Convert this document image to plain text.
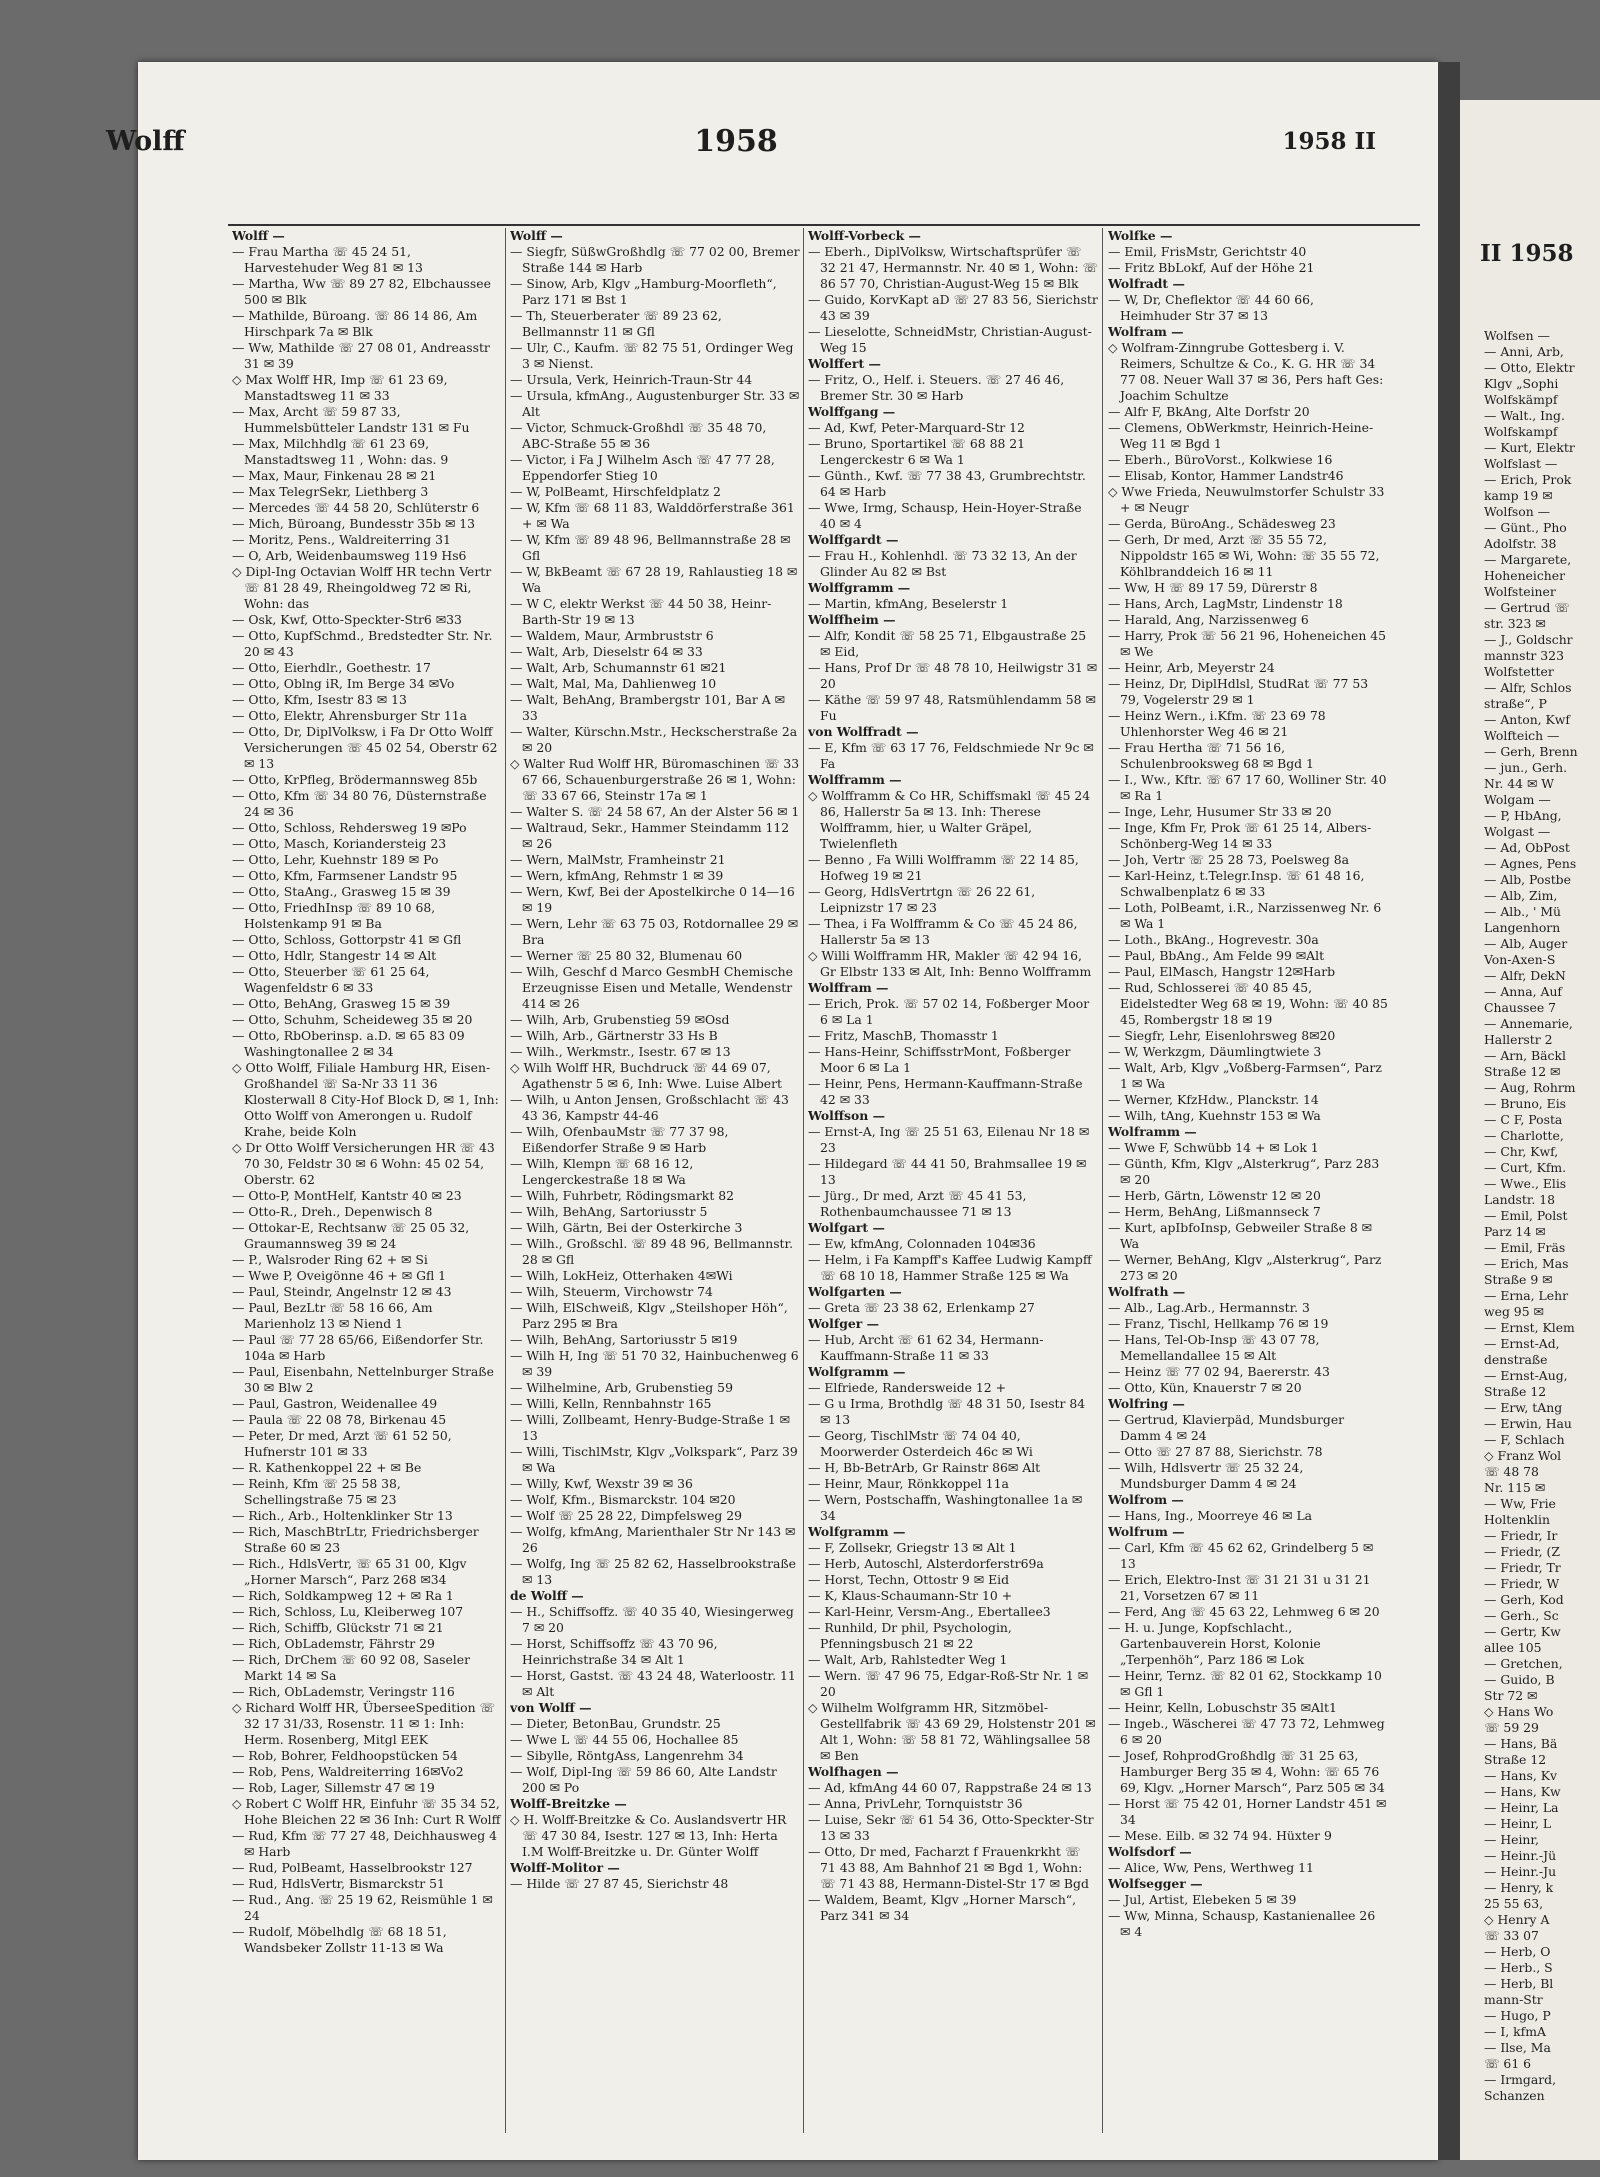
II 1958
Wolfsen —
— Anni, Arb,
— Otto, Elektr
Klgv „Sophi
Wolfskämpf
— Walt., Ing.
Wolfskampf
— Kurt, Elektr
Wolfslast —
— Erich, Prok
kamp 19 ✉
Wolfson —
— Günt., Pho
Adolfstr. 38
— Margarete,
Hoheneicher
Wolfsteiner
— Gertrud ☏
str. 323 ✉
— J., Goldschr
mannstr 323
Wolfstetter
— Alfr, Schlos
straße“, P
— Anton, Kwf
Wolfteich —
— Gerh, Brenn
— jun., Gerh.
Nr. 44 ✉ W
Wolgam —
— P, HbAng,
Wolgast —
— Ad, ObPost
— Agnes, Pens
— Alb, Postbe
— Alb, Zim,
— Alb., ' Mü
Langenhorn
— Alb, Auger
Von-Axen-S
— Alfr, DekN
— Anna, Auf
Chaussee 7
— Annemarie,
Hallerstr 2
— Arn, Bäckl
Straße 12 ✉
— Aug, Rohrm
— Bruno, Eis
— C F, Posta
— Charlotte,
— Chr, Kwf,
— Curt, Kfm.
— Wwe., Elis
Landstr. 18
— Emil, Polst
Parz 14 ✉
— Emil, Fräs
— Erich, Mas
Straße 9 ✉
— Erna, Lehr
weg 95 ✉
— Ernst, Klem
— Ernst-Ad,
denstraße
— Ernst-Aug,
Straße 12
— Erw, tAng
— Erwin, Hau
— F, Schlach
◇ Franz Wol
☏ 48 78
Nr. 115 ✉
— Ww, Frie
Holtenklin
— Friedr, Ir
— Friedr, (Z
— Friedr, Tr
— Friedr, W
— Gerh, Kod
— Gerh., Sc
— Gertr, Kw
allee 105
— Gretchen,
— Guido, B
Str 72 ✉
◇ Hans Wo
☏ 59 29
— Hans, Bä
Straße 12
— Hans, Kv
— Hans, Kw
— Heinr, La
— Heinr, L
— Heinr,
— Heinr.-Jü
— Heinr.-Ju
— Henry, k
25 55 63,
◇ Henry A
☏ 33 07
— Herb, O
— Herb., S
— Herb, Bl
mann-Str
— Hugo, P
— I, kfmA
— Ilse, Ma
☏ 61 6
— Irmgard,
Schanzen
Wolff	1958	1958 II
Wolff —
— Frau Martha ☏ 45 24 51, Harvestehuder Weg 81 ✉ 13
— Martha, Ww ☏ 89 27 82, Elbchaussee 500 ✉ Blk
— Mathilde, Büroang. ☏ 86 14 86, Am Hirschpark 7a ✉ Blk
— Ww, Mathilde ☏ 27 08 01, Andreasstr 31 ✉ 39
◇ Max Wolff HR, Imp ☏ 61 23 69, Manstadtsweg 11 ✉ 33
— Max, Archt ☏ 59 87 33, Hummelsbütteler Landstr 131 ✉ Fu
— Max, Milchhdlg ☏ 61 23 69, Manstadtsweg 11 , Wohn: das. 9
— Max, Maur, Finkenau 28 ✉ 21
— Max TelegrSekr, Liethberg 3
— Mercedes ☏ 44 58 20, Schlüterstr 6
— Mich, Büroang, Bundesstr 35b ✉ 13
— Moritz, Pens., Waldreiterring 31
— O, Arb, Weidenbaumsweg 119 Hs6
◇ Dipl-Ing Octavian Wolff HR techn Vertr ☏ 81 28 49, Rheingoldweg 72 ✉ Ri, Wohn: das
— Osk, Kwf, Otto-Speckter-Str6 ✉33
— Otto, KupfSchmd., Bredstedter Str. Nr. 20 ✉ 43
— Otto, Eierhdlr., Goethestr. 17
— Otto, Oblng iR, Im Berge 34 ✉Vo
— Otto, Kfm, Isestr 83 ✉ 13
— Otto, Elektr, Ahrensburger Str 11a
— Otto, Dr, DiplVolksw, i Fa Dr Otto Wolff Versicherungen ☏ 45 02 54, Oberstr 62 ✉ 13
— Otto, KrPfleg, Brödermannsweg 85b
— Otto, Kfm ☏ 34 80 76, Düsternstraße 24 ✉ 36
— Otto, Schloss, Rehdersweg 19 ✉Po
— Otto, Masch, Koriandersteig 23
— Otto, Lehr, Kuehnstr 189 ✉ Po
— Otto, Kfm, Farmsener Landstr 95
— Otto, StaAng., Grasweg 15 ✉ 39
— Otto, FriedhInsp ☏ 89 10 68, Holstenkamp 91 ✉ Ba
— Otto, Schloss, Gottorpstr 41 ✉ Gfl
— Otto, Hdlr, Stangestr 14 ✉ Alt
— Otto, Steuerber ☏ 61 25 64, Wagenfeldstr 6 ✉ 33
— Otto, BehAng, Grasweg 15 ✉ 39
— Otto, Schuhm, Scheideweg 35 ✉ 20
— Otto, RbOberinsp. a.D. ✉ 65 83 09 Washingtonallee 2 ✉ 34
◇ Otto Wolff, Filiale Hamburg HR, Eisen-Großhandel ☏ Sa-Nr 33 11 36 Klosterwall 8 City-Hof Block D, ✉ 1, Inh: Otto Wolff von Amerongen u. Rudolf Krahe, beide Koln
◇ Dr Otto Wolff Versicherungen HR ☏ 43 70 30, Feldstr 30 ✉ 6 Wohn: 45 02 54, Oberstr. 62
— Otto-P, MontHelf, Kantstr 40 ✉ 23
— Otto-R., Dreh., Depenwisch 8
— Ottokar-E, Rechtsanw ☏ 25 05 32, Graumannsweg 39 ✉ 24
— P., Walsroder Ring 62 + ✉ Si
— Wwe P, Oveigönne 46 + ✉ Gfl 1
— Paul, Steindr, Angelnstr 12 ✉ 43
— Paul, BezLtr ☏ 58 16 66, Am Marienholz 13 ✉ Niend 1
— Paul ☏ 77 28 65/66, Eißendorfer Str. 104a ✉ Harb
— Paul, Eisenbahn, Nettelnburger Straße 30 ✉ Blw 2
— Paul, Gastron, Weidenallee 49
— Paula ☏ 22 08 78, Birkenau 45
— Peter, Dr med, Arzt ☏ 61 52 50, Hufnerstr 101 ✉ 33
— R. Kathenkoppel 22 + ✉ Be
— Reinh, Kfm ☏ 25 58 38, Schellingstraße 75 ✉ 23
— Rich., Arb., Holtenklinker Str 13
— Rich, MaschBtrLtr, Friedrichsberger Straße 60 ✉ 23
— Rich., HdlsVertr, ☏ 65 31 00, Klgv „Horner Marsch“, Parz 268 ✉34
— Rich, Soldkampweg 12 + ✉ Ra 1
— Rich, Schloss, Lu, Kleiberweg 107
— Rich, Schiffb, Glückstr 71 ✉ 21
— Rich, ObLademstr, Fährstr 29
— Rich, DrChem ☏ 60 92 08, Saseler Markt 14 ✉ Sa
— Rich, ObLademstr, Veringstr 116
◇ Richard Wolff HR, ÜberseeSpedition ☏ 32 17 31/33, Rosenstr. 11 ✉ 1: Inh: Herm. Rosenberg, Mitgl EEK
— Rob, Bohrer, Feldhoopstücken 54
— Rob, Pens, Waldreiterring 16✉Vo2
— Rob, Lager, Sillemstr 47 ✉ 19
◇ Robert C Wolff HR, Einfuhr ☏ 35 34 52, Hohe Bleichen 22 ✉ 36 Inh: Curt R Wolff
— Rud, Kfm ☏ 77 27 48, Deichhausweg 4 ✉ Harb
— Rud, PolBeamt, Hasselbrookstr 127
— Rud, HdlsVertr, Bismarckstr 51
— Rud., Ang. ☏ 25 19 62, Reismühle 1 ✉ 24
— Rudolf, Möbelhdlg ☏ 68 18 51, Wandsbeker Zollstr 11-13 ✉ Wa
Wolff —
— Siegfr, SüßwGroßhdlg ☏ 77 02 00, Bremer Straße 144 ✉ Harb
— Sinow, Arb, Klgv „Hamburg-Moorfleth“, Parz 171 ✉ Bst 1
— Th, Steuerberater ☏ 89 23 62, Bellmannstr 11 ✉ Gfl
— Ulr, C., Kaufm. ☏ 82 75 51, Ordinger Weg 3 ✉ Nienst.
— Ursula, Verk, Heinrich-Traun-Str 44
— Ursula, kfmAng., Augustenburger Str. 33 ✉ Alt
— Victor, Schmuck-Großhdl ☏ 35 48 70, ABC-Straße 55 ✉ 36
— Victor, i Fa J Wilhelm Asch ☏ 47 77 28, Eppendorfer Stieg 10
— W, PolBeamt, Hirschfeldplatz 2
— W, Kfm ☏ 68 11 83, Walddörferstraße 361 + ✉ Wa
— W, Kfm ☏ 89 48 96, Bellmannstraße 28 ✉ Gfl
— W, BkBeamt ☏ 67 28 19, Rahlaustieg 18 ✉ Wa
— W C, elektr Werkst ☏ 44 50 38, Heinr-Barth-Str 19 ✉ 13
— Waldem, Maur, Armbruststr 6
— Walt, Arb, Dieselstr 64 ✉ 33
— Walt, Arb, Schumannstr 61 ✉21
— Walt, Mal, Ma, Dahlienweg 10
— Walt, BehAng, Brambergstr 101, Bar A ✉ 33
— Walter, Kürschn.Mstr., Heckscherstraße 2a ✉ 20
◇ Walter Rud Wolff HR, Büromaschinen ☏ 33 67 66, Schauenburgerstraße 26 ✉ 1, Wohn: ☏ 33 67 66, Steinstr 17a ✉ 1
— Walter S. ☏ 24 58 67, An der Alster 56 ✉ 1
— Waltraud, Sekr., Hammer Steindamm 112 ✉ 26
— Wern, MalMstr, Framheinstr 21
— Wern, kfmAng, Rehmstr 1 ✉ 39
— Wern, Kwf, Bei der Apostelkirche 0 14—16 ✉ 19
— Wern, Lehr ☏ 63 75 03, Rotdornallee 29 ✉ Bra
— Werner ☏ 25 80 32, Blumenau 60
— Wilh, Geschf d Marco GesmbH Chemische Erzeugnisse Eisen und Metalle, Wendenstr 414 ✉ 26
— Wilh, Arb, Grubenstieg 59 ✉Osd
— Wilh, Arb., Gärtnerstr 33 Hs B
— Wilh., Werkmstr., Isestr. 67 ✉ 13
◇ Wilh Wolff HR, Buchdruck ☏ 44 69 07, Agathenstr 5 ✉ 6, Inh: Wwe. Luise Albert
— Wilh, u Anton Jensen, Großschlacht ☏ 43 43 36, Kampstr 44-46
— Wilh, OfenbauMstr ☏ 77 37 98, Eißendorfer Straße 9 ✉ Harb
— Wilh, Klempn ☏ 68 16 12, Lengerckestraße 18 ✉ Wa
— Wilh, Fuhrbetr, Rödingsmarkt 82
— Wilh, BehAng, Sartoriusstr 5
— Wilh, Gärtn, Bei der Osterkirche 3
— Wilh., Großschl. ☏ 89 48 96, Bellmannstr. 28 ✉ Gfl
— Wilh, LokHeiz, Otterhaken 4✉Wi
— Wilh, Steuerm, Virchowstr 74
— Wilh, ElSchweiß, Klgv „Steilshoper Höh“, Parz 295 ✉ Bra
— Wilh, BehAng, Sartoriusstr 5 ✉19
— Wilh H, Ing ☏ 51 70 32, Hainbuchenweg 6 ✉ 39
— Wilhelmine, Arb, Grubenstieg 59
— Willi, Kelln, Rennbahnstr 165
— Willi, Zollbeamt, Henry-Budge-Straße 1 ✉ 13
— Willi, TischlMstr, Klgv „Volkspark“, Parz 39 ✉ Wa
— Willy, Kwf, Wexstr 39 ✉ 36
— Wolf, Kfm., Bismarckstr. 104 ✉20
— Wolf ☏ 25 28 22, Dimpfelsweg 29
— Wolfg, kfmAng, Marienthaler Str Nr 143 ✉ 26
— Wolfg, Ing ☏ 25 82 62, Hasselbrookstraße ✉ 13
de Wolff —
— H., Schiffsoffz. ☏ 40 35 40, Wiesingerweg 7 ✉ 20
— Horst, Schiffsoffz ☏ 43 70 96, Heinrichstraße 34 ✉ Alt 1
— Horst, Gastst. ☏ 43 24 48, Waterloostr. 11 ✉ Alt
von Wolff —
— Dieter, BetonBau, Grundstr. 25
— Wwe L ☏ 44 55 06, Hochallee 85
— Sibylle, RöntgAss, Langenrehm 34
— Wolf, Dipl-Ing ☏ 59 86 60, Alte Landstr 200 ✉ Po
Wolff-Breitzke —
◇ H. Wolff-Breitzke & Co. Auslandsvertr HR ☏ 47 30 84, Isestr. 127 ✉ 13, Inh: Herta I.M Wolff-Breitzke u. Dr. Günter Wolff
Wolff-Molitor —
— Hilde ☏ 27 87 45, Sierichstr 48
Wolff-Vorbeck —
— Eberh., DiplVolksw, Wirtschaftsprüfer ☏ 32 21 47, Hermannstr. Nr. 40 ✉ 1, Wohn: ☏ 86 57 70, Christian-August-Weg 15 ✉ Blk
— Guido, KorvKapt aD ☏ 27 83 56, Sierichstr 43 ✉ 39
— Lieselotte, SchneidMstr, Christian-August-Weg 15
Wolffert —
— Fritz, O., Helf. i. Steuers. ☏ 27 46 46, Bremer Str. 30 ✉ Harb
Wolffgang —
— Ad, Kwf, Peter-Marquard-Str 12
— Bruno, Sportartikel ☏ 68 88 21 Lengerckestr 6 ✉ Wa 1
— Günth., Kwf. ☏ 77 38 43, Grumbrechtstr. 64 ✉ Harb
— Wwe, Irmg, Schausp, Hein-Hoyer-Straße 40 ✉ 4
Wolffgardt —
— Frau H., Kohlenhdl. ☏ 73 32 13, An der Glinder Au 82 ✉ Bst
Wolffgramm —
— Martin, kfmAng, Beselerstr 1
Wolffheim —
— Alfr, Kondit ☏ 58 25 71, Elbgaustraße 25 ✉ Eid,
— Hans, Prof Dr ☏ 48 78 10, Heilwigstr 31 ✉ 20
— Käthe ☏ 59 97 48, Ratsmühlendamm 58 ✉ Fu
von Wolffradt —
— E, Kfm ☏ 63 17 76, Feldschmiede Nr 9c ✉ Fa
Wolfframm —
◇ Wolfframm & Co HR, Schiffsmakl ☏ 45 24 86, Hallerstr 5a ✉ 13. Inh: Therese Wolfframm, hier, u Walter Gräpel, Twielenfleth
— Benno , Fa Willi Wolfframm ☏ 22 14 85, Hofweg 19 ✉ 21
— Georg, HdlsVertrtgn ☏ 26 22 61, Leipnizstr 17 ✉ 23
— Thea, i Fa Wolfframm & Co ☏ 45 24 86, Hallerstr 5a ✉ 13
◇ Willi Wolfframm HR, Makler ☏ 42 94 16, Gr Elbstr 133 ✉ Alt, Inh: Benno Wolfframm
Wolffram —
— Erich, Prok. ☏ 57 02 14, Foßberger Moor 6 ✉ La 1
— Fritz, MaschB, Thomasstr 1
— Hans-Heinr, SchiffsstrMont, Foßberger Moor 6 ✉ La 1
— Heinr, Pens, Hermann-Kauffmann-Straße 42 ✉ 33
Wolffson —
— Ernst-A, Ing ☏ 25 51 63, Eilenau Nr 18 ✉ 23
— Hildegard ☏ 44 41 50, Brahmsallee 19 ✉ 13
— Jürg., Dr med, Arzt ☏ 45 41 53, Rothenbaumchaussee 71 ✉ 13
Wolfgart —
— Ew, kfmAng, Colonnaden 104✉36
— Helm, i Fa Kampff's Kaffee Ludwig Kampff ☏ 68 10 18, Hammer Straße 125 ✉ Wa
Wolfgarten —
— Greta ☏ 23 38 62, Erlenkamp 27
Wolfger —
— Hub, Archt ☏ 61 62 34, Hermann-Kauffmann-Straße 11 ✉ 33
Wolfgramm —
— Elfriede, Randersweide 12 +
— G u Irma, Brothdlg ☏ 48 31 50, Isestr 84 ✉ 13
— Georg, TischlMstr ☏ 74 04 40, Moorwerder Osterdeich 46c ✉ Wi
— H, Bb-BetrArb, Gr Rainstr 86✉ Alt
— Heinr, Maur, Rönkkoppel 11a
— Wern, Postschaffn, Washingtonallee 1a ✉ 34
Wolfgramm —
— F, Zollsekr, Griegstr 13 ✉ Alt 1
— Herb, Autoschl, Alsterdorferstr69a
— Horst, Techn, Ottostr 9 ✉ Eid
— K, Klaus-Schaumann-Str 10 +
— Karl-Heinr, Versm-Ang., Ebertallee3
— Runhild, Dr phil, Psychologin, Pfenningsbusch 21 ✉ 22
— Walt, Arb, Rahlstedter Weg 1
— Wern. ☏ 47 96 75, Edgar-Roß-Str Nr. 1 ✉ 20
◇ Wilhelm Wolfgramm HR, Sitzmöbel-Gestellfabrik ☏ 43 69 29, Holstenstr 201 ✉ Alt 1, Wohn: ☏ 58 81 72, Wählingsallee 58 ✉ Ben
Wolfhagen —
— Ad, kfmAng 44 60 07, Rappstraße 24 ✉ 13
— Anna, PrivLehr, Tornquiststr 36
— Luise, Sekr ☏ 61 54 36, Otto-Speckter-Str 13 ✉ 33
— Otto, Dr med, Facharzt f Frauenkrkht ☏ 71 43 88, Am Bahnhof 21 ✉ Bgd 1, Wohn: ☏ 71 43 88, Hermann-Distel-Str 17 ✉ Bgd
— Waldem, Beamt, Klgv „Horner Marsch“, Parz 341 ✉ 34
Wolfke —
— Emil, FrisMstr, Gerichtstr 40
— Fritz BbLokf, Auf der Höhe 21
Wolfradt —
— W, Dr, Cheflektor ☏ 44 60 66, Heimhuder Str 37 ✉ 13
Wolfram —
◇ Wolfram-Zinngrube Gottesberg i. V. Reimers, Schultze & Co., K. G. HR ☏ 34 77 08. Neuer Wall 37 ✉ 36, Pers haft Ges: Joachim Schultze
— Alfr F, BkAng, Alte Dorfstr 20
— Clemens, ObWerkmstr, Heinrich-Heine-Weg 11 ✉ Bgd 1
— Eberh., BüroVorst., Kolkwiese 16
— Elisab, Kontor, Hammer Landstr46
◇ Wwe Frieda, Neuwulmstorfer Schulstr 33 + ✉ Neugr
— Gerda, BüroAng., Schädesweg 23
— Gerh, Dr med, Arzt ☏ 35 55 72, Nippoldstr 165 ✉ Wi, Wohn: ☏ 35 55 72, Köhlbranddeich 16 ✉ 11
— Ww, H ☏ 89 17 59, Dürerstr 8
— Hans, Arch, LagMstr, Lindenstr 18
— Harald, Ang, Narzissenweg 6
— Harry, Prok ☏ 56 21 96, Hoheneichen 45 ✉ We
— Heinr, Arb, Meyerstr 24
— Heinz, Dr, DiplHdlsl, StudRat ☏ 77 53 79, Vogelerstr 29 ✉ 1
— Heinz Wern., i.Kfm. ☏ 23 69 78 Uhlenhorster Weg 46 ✉ 21
— Frau Hertha ☏ 71 56 16, Schulenbrooksweg 68 ✉ Bgd 1
— I., Ww., Kftr. ☏ 67 17 60, Wolliner Str. 40 ✉ Ra 1
— Inge, Lehr, Husumer Str 33 ✉ 20
— Inge, Kfm Fr, Prok ☏ 61 25 14, Albers-Schönberg-Weg 14 ✉ 33
— Joh, Vertr ☏ 25 28 73, Poelsweg 8a
— Karl-Heinz, t.Telegr.Insp. ☏ 61 48 16, Schwalbenplatz 6 ✉ 33
— Loth, PolBeamt, i.R., Narzissenweg Nr. 6 ✉ Wa 1
— Loth., BkAng., Hogrevestr. 30a
— Paul, BbAng., Am Felde 99 ✉Alt
— Paul, ElMasch, Hangstr 12✉Harb
— Rud, Schlosserei ☏ 40 85 45, Eidelstedter Weg 68 ✉ 19, Wohn: ☏ 40 85 45, Rombergstr 18 ✉ 19
— Siegfr, Lehr, Eisenlohrsweg 8✉20
— W, Werkzgm, Däumlingtwiete 3
— Walt, Arb, Klgv „Voßberg-Farmsen“, Parz 1 ✉ Wa
— Werner, KfzHdw., Planckstr. 14
— Wilh, tAng, Kuehnstr 153 ✉ Wa
Wolframm —
— Wwe F, Schwübb 14 + ✉ Lok 1
— Günth, Kfm, Klgv „Alsterkrug“, Parz 283 ✉ 20
— Herb, Gärtn, Löwenstr 12 ✉ 20
— Herm, BehAng, Lißmannseck 7
— Kurt, apIbfoInsp, Gebweiler Straße 8 ✉ Wa
— Werner, BehAng, Klgv „Alsterkrug“, Parz 273 ✉ 20
Wolfrath —
— Alb., Lag.Arb., Hermannstr. 3
— Franz, Tischl, Hellkamp 76 ✉ 19
— Hans, Tel-Ob-Insp ☏ 43 07 78, Memellandallee 15 ✉ Alt
— Heinz ☏ 77 02 94, Baererstr. 43
— Otto, Kün, Knauerstr 7 ✉ 20
Wolfring —
— Gertrud, Klavierpäd, Mundsburger Damm 4 ✉ 24
— Otto ☏ 27 87 88, Sierichstr. 78
— Wilh, Hdlsvertr ☏ 25 32 24, Mundsburger Damm 4 ✉ 24
Wolfrom —
— Hans, Ing., Moorreye 46 ✉ La
Wolfrum —
— Carl, Kfm ☏ 45 62 62, Grindelberg 5 ✉ 13
— Erich, Elektro-Inst ☏ 31 21 31 u 31 21 21, Vorsetzen 67 ✉ 11
— Ferd, Ang ☏ 45 63 22, Lehmweg 6 ✉ 20
— H. u. Junge, Kopfschlacht., Gartenbauverein Horst, Kolonie „Terpenhöh“, Parz 186 ✉ Lok
— Heinr, Ternz. ☏ 82 01 62, Stockkamp 10 ✉ Gfl 1
— Heinr, Kelln, Lobuschstr 35 ✉Alt1
— Ingeb., Wäscherei ☏ 47 73 72, Lehmweg 6 ✉ 20
— Josef, RohprodGroßhdlg ☏ 31 25 63, Hamburger Berg 35 ✉ 4, Wohn: ☏ 65 76 69, Klgv. „Horner Marsch“, Parz 505 ✉ 34
— Horst ☏ 75 42 01, Horner Landstr 451 ✉ 34
— Mese. Eilb. ✉ 32 74 94. Hüxter 9
Wolfsdorf —
— Alice, Ww, Pens, Werthweg 11
Wolfsegger —
— Jul, Artist, Elebeken 5 ✉ 39
— Ww, Minna, Schausp, Kastanienallee 26 ✉ 4
